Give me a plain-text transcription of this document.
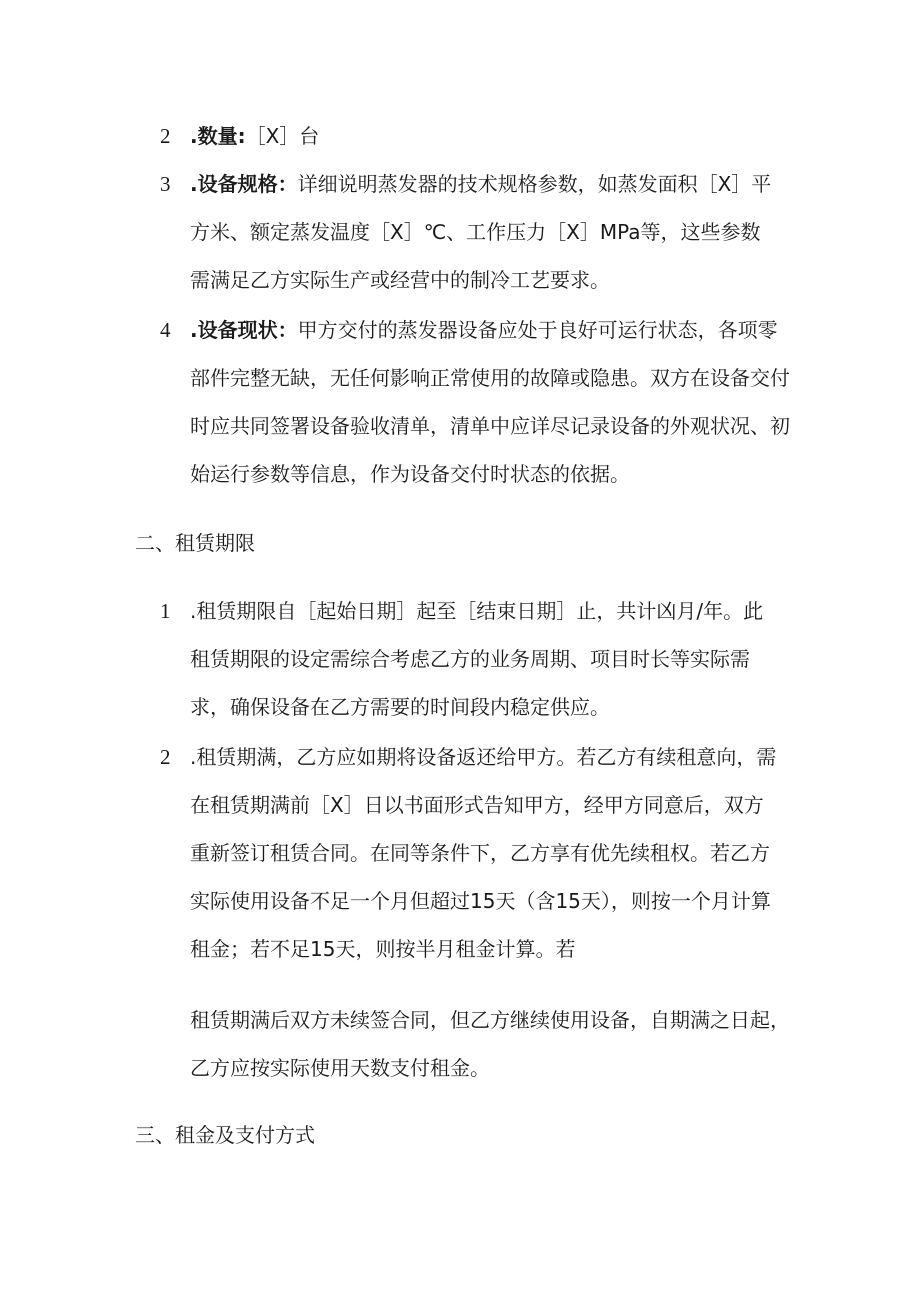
2 .数量:［X］台
3 .设备规格：详细说明蒸发器的技术规格参数，如蒸发面积［X］平
方米、额定蒸发温度［X］℃、工作压力［X］MPa等，这些参数
需满足乙方实际生产或经营中的制冷工艺要求。
4 .设备现状：甲方交付的蒸发器设备应处于良好可运行状态，各项零
部件完整无缺，无任何影响正常使用的故障或隐患。双方在设备交付
时应共同签署设备验收清单，清单中应详尽记录设备的外观状况、初
始运行参数等信息，作为设备交付时状态的依据。
二、租赁期限
1 .租赁期限自［起始日期］起至［结束日期］止，共计凶月/年。此
租赁期限的设定需综合考虑乙方的业务周期、项目时长等实际需
求，确保设备在乙方需要的时间段内稳定供应。
2 .租赁期满，乙方应如期将设备返还给甲方。若乙方有续租意向，需
在租赁期满前［X］日以书面形式告知甲方，经甲方同意后，双方
重新签订租赁合同。在同等条件下，乙方享有优先续租权。若乙方
实际使用设备不足一个月但超过15天（含15天），则按一个月计算
租金；若不足15天，则按半月租金计算。若
租赁期满后双方未续签合同，但乙方继续使用设备，自期满之日起，
乙方应按实际使用天数支付租金。
三、租金及支付方式
